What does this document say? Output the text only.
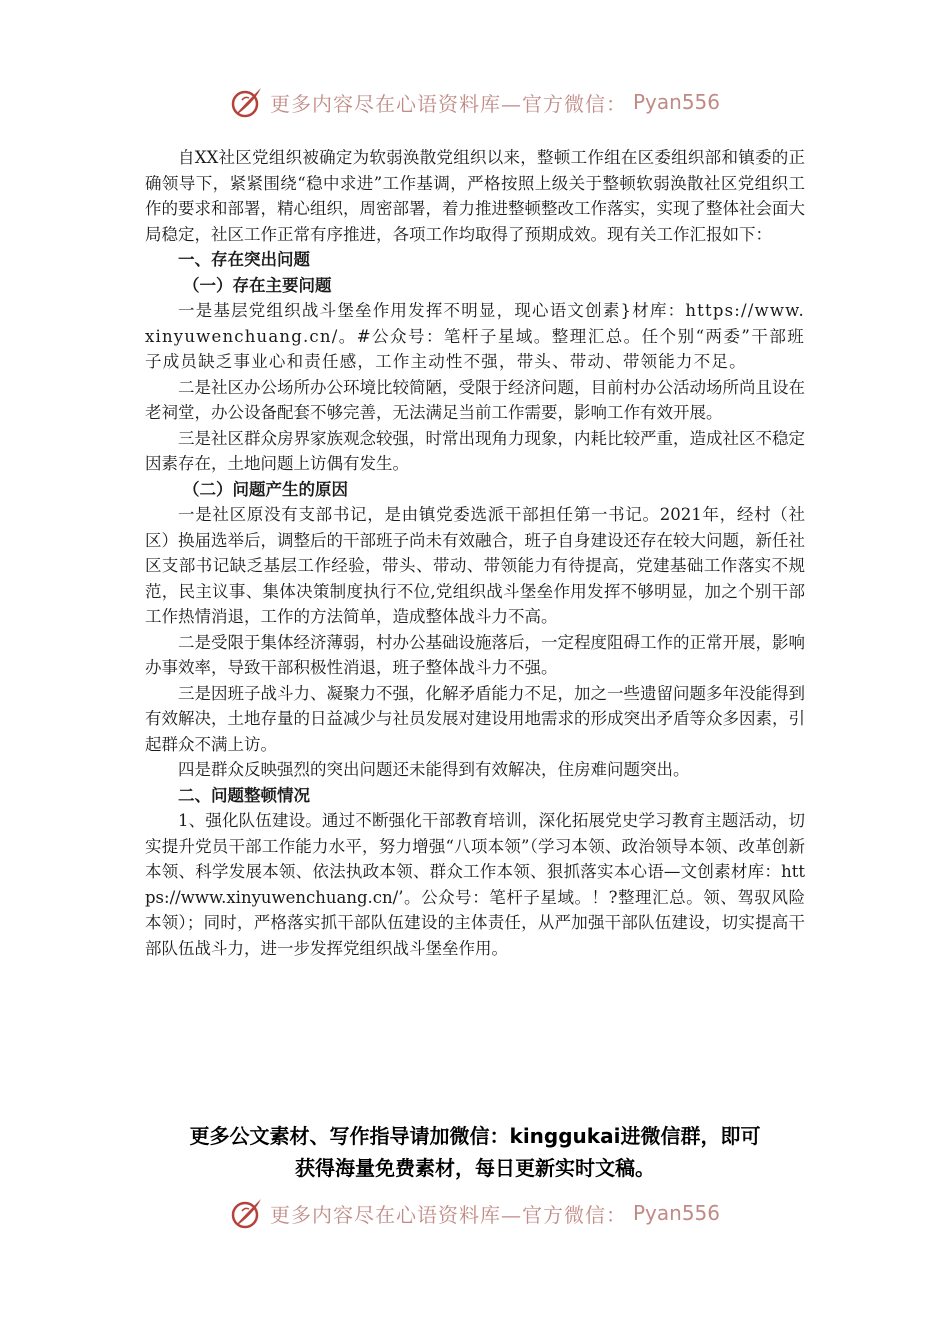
更多内容尽在心语资料库—官方微信： Pyan556

自XX社区党组织被确定为软弱涣散党组织以来，整顿工作组在区委组织部和镇委的正确领导下，紧紧围绕“稳中求进”工作基调，严格按照上级关于整顿软弱涣散社区党组织工作的要求和部署，精心组织，周密部署，着力推进整顿整改工作落实，实现了整体社会面大局稳定，社区工作正常有序推进，各项工作均取得了预期成效。现有关工作汇报如下：

一、存在突出问题

（一）存在主要问题

一是基层党组织战斗堡垒作用发挥不明显，现心语文创素}材库：https://www.xinyuwenchuang.cn/。#公众号：笔杆子星域。整理汇总。任个别“两委”干部班子成员缺乏事业心和责任感，工作主动性不强，带头、带动、带领能力不足。

二是社区办公场所办公环境比较简陋，受限于经济问题，目前村办公活动场所尚且设在老祠堂，办公设备配套不够完善，无法满足当前工作需要，影响工作有效开展。

三是社区群众房界家族观念较强，时常出现角力现象，内耗比较严重，造成社区不稳定因素存在，土地问题上访偶有发生。

（二）问题产生的原因

一是社区原没有支部书记，是由镇党委选派干部担任第一书记。2021年，经村（社区）换届选举后，调整后的干部班子尚未有效融合，班子自身建设还存在较大问题，新任社区支部书记缺乏基层工作经验，带头、带动、带领能力有待提高，党建基础工作落实不规范，民主议事、集体决策制度执行不位,党组织战斗堡垒作用发挥不够明显，加之个别干部工作热情消退，工作的方法简单，造成整体战斗力不高。

二是受限于集体经济薄弱，村办公基础设施落后，一定程度阻碍工作的正常开展，影响办事效率，导致干部积极性消退，班子整体战斗力不强。

三是因班子战斗力、凝聚力不强，化解矛盾能力不足，加之一些遗留问题多年没能得到有效解决，土地存量的日益减少与社员发展对建设用地需求的形成突出矛盾等众多因素，引起群众不满上访。

四是群众反映强烈的突出问题还未能得到有效解决，住房难问题突出。

二、问题整顿情况

1、强化队伍建设。通过不断强化干部教育培训，深化拓展党史学习教育主题活动，切实提升党员干部工作能力水平，努力增强“八项本领”（学习本领、政治领导本领、改革创新本领、科学发展本领、依法执政本领、群众工作本领、狠抓落实本心语—文创素材库：https://www.xinyuwenchuang.cn/’。公众号：笔杆子星域。！?整理汇总。领、驾驭风险本领）；同时，严格落实抓干部队伍建设的主体责任，从严加强干部队伍建设，切实提高干部队伍战斗力，进一步发挥党组织战斗堡垒作用。

更多公文素材、写作指导请加微信：kinggukai进微信群，即可
获得海量免费素材，每日更新实时文稿。
更多内容尽在心语资料库—官方微信： Pyan556
